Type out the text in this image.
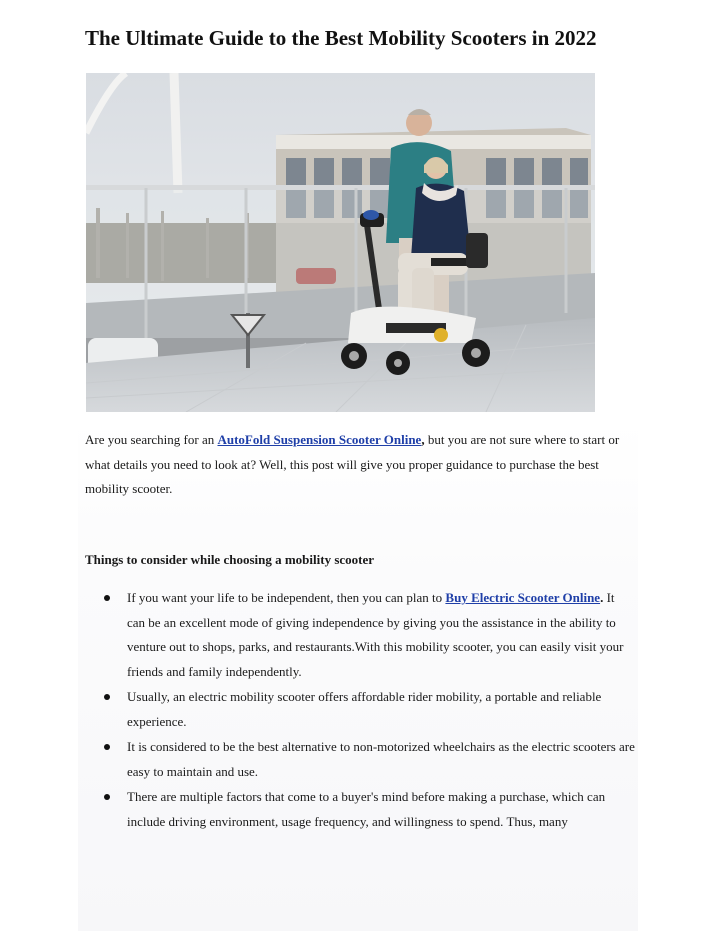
The Ultimate Guide to the Best Mobility Scooters in 2022

Are you searching for an AutoFold Suspension Scooter Online, but you are not sure where to start or what details you need to look at? Well, this post will give you proper guidance to purchase the best mobility scooter.

Things to consider while choosing a mobility scooter
If you want your life to be independent, then you can plan to Buy Electric Scooter Online. It can be an excellent mode of giving independence by giving you the assistance in the ability to venture out to shops, parks, and restaurants.With this mobility scooter, you can easily visit your friends and family independently.
Usually, an electric mobility scooter offers affordable rider mobility, a portable and reliable experience.
It is considered to be the best alternative to non-motorized wheelchairs as the electric scooters are easy to maintain and use.
There are multiple factors that come to a buyer's mind before making a purchase, which can include driving environment, usage frequency, and willingness to spend. Thus, many
